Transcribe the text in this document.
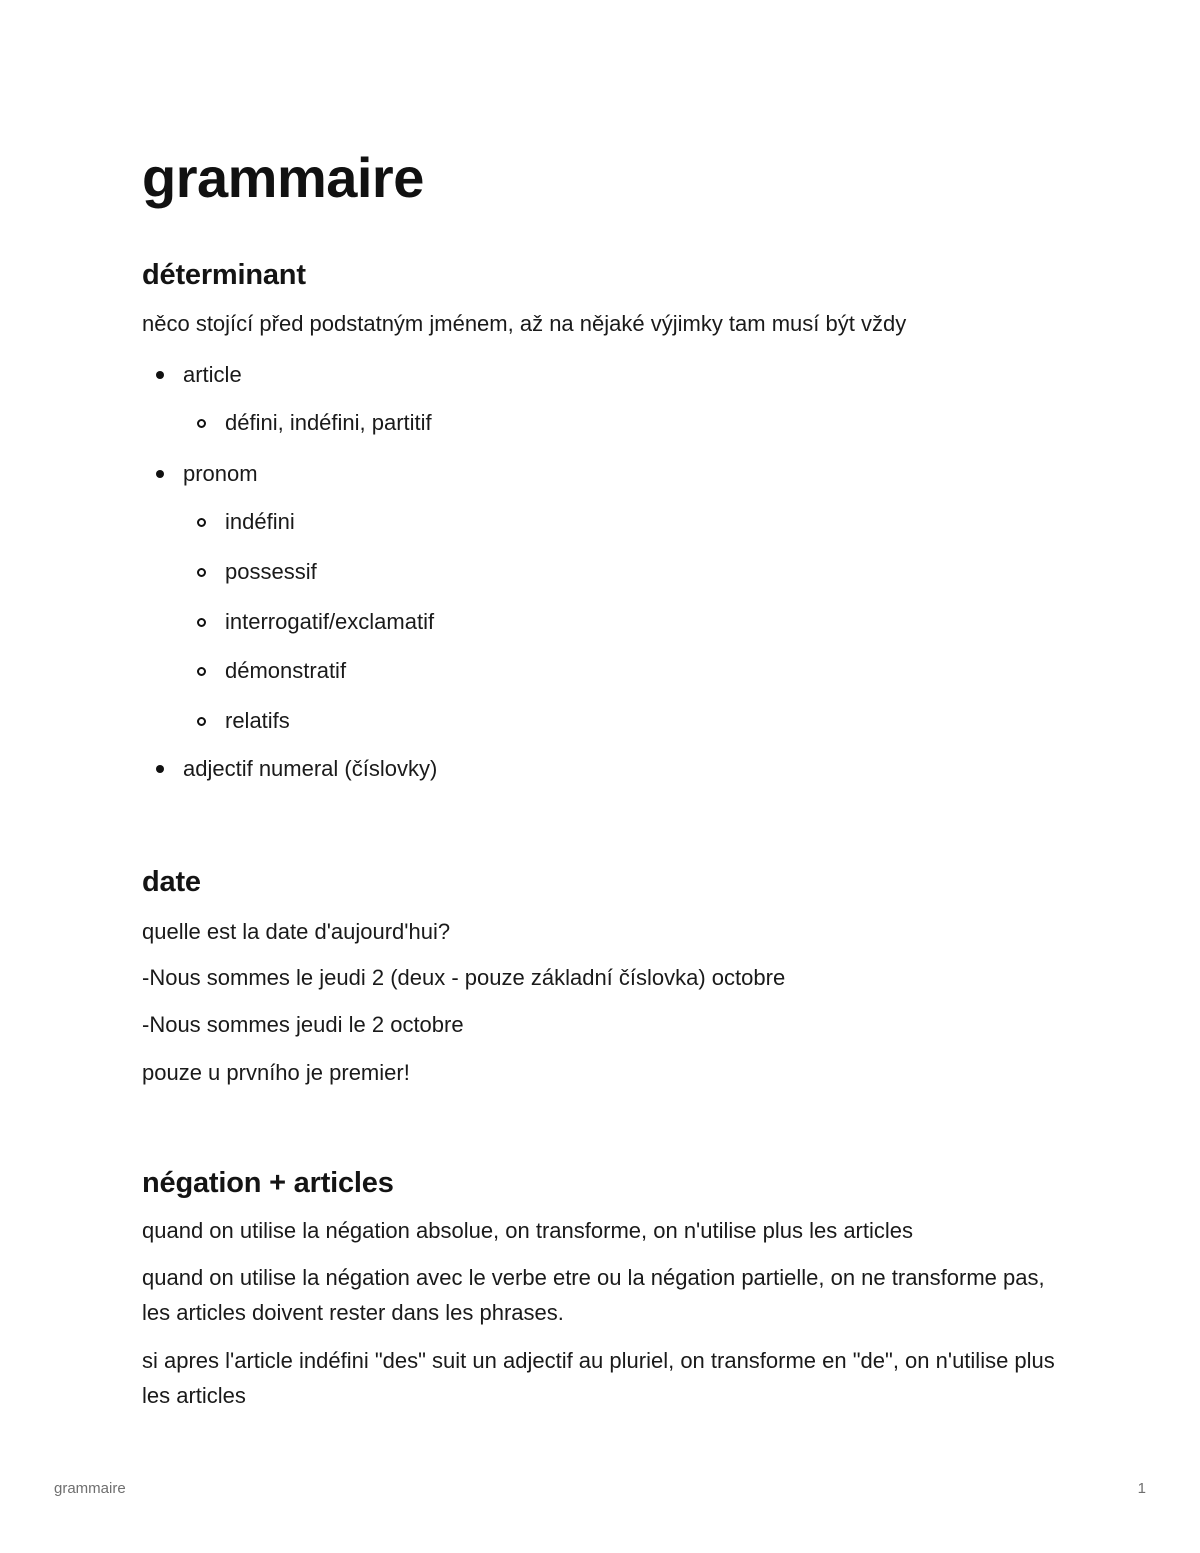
grammaire
déterminant

něco stojící před podstatným jménem, až na nějaké výjimky tam musí být vždy

article

défini, indéfini, partitif

pronom

indéfini

possessif

interrogatif/exclamatif

démonstratif

relatifs

adjectif numeral (číslovky)

date

quelle est la date d'aujourd'hui?

-Nous sommes le jeudi 2 (deux - pouze základní číslovka) octobre

-Nous sommes jeudi le 2 octobre

pouze u prvního je premier!

négation + articles

quand on utilise la négation absolue, on transforme, on n'utilise plus les articles

quand on utilise la négation avec le verbe etre ou la négation partielle, on ne transforme pas, les articles doivent rester dans les phrases.

si apres l'article indéfini "des" suit un adjectif au pluriel, on transforme en "de", on n'utilise plus les articles

grammaire	1
